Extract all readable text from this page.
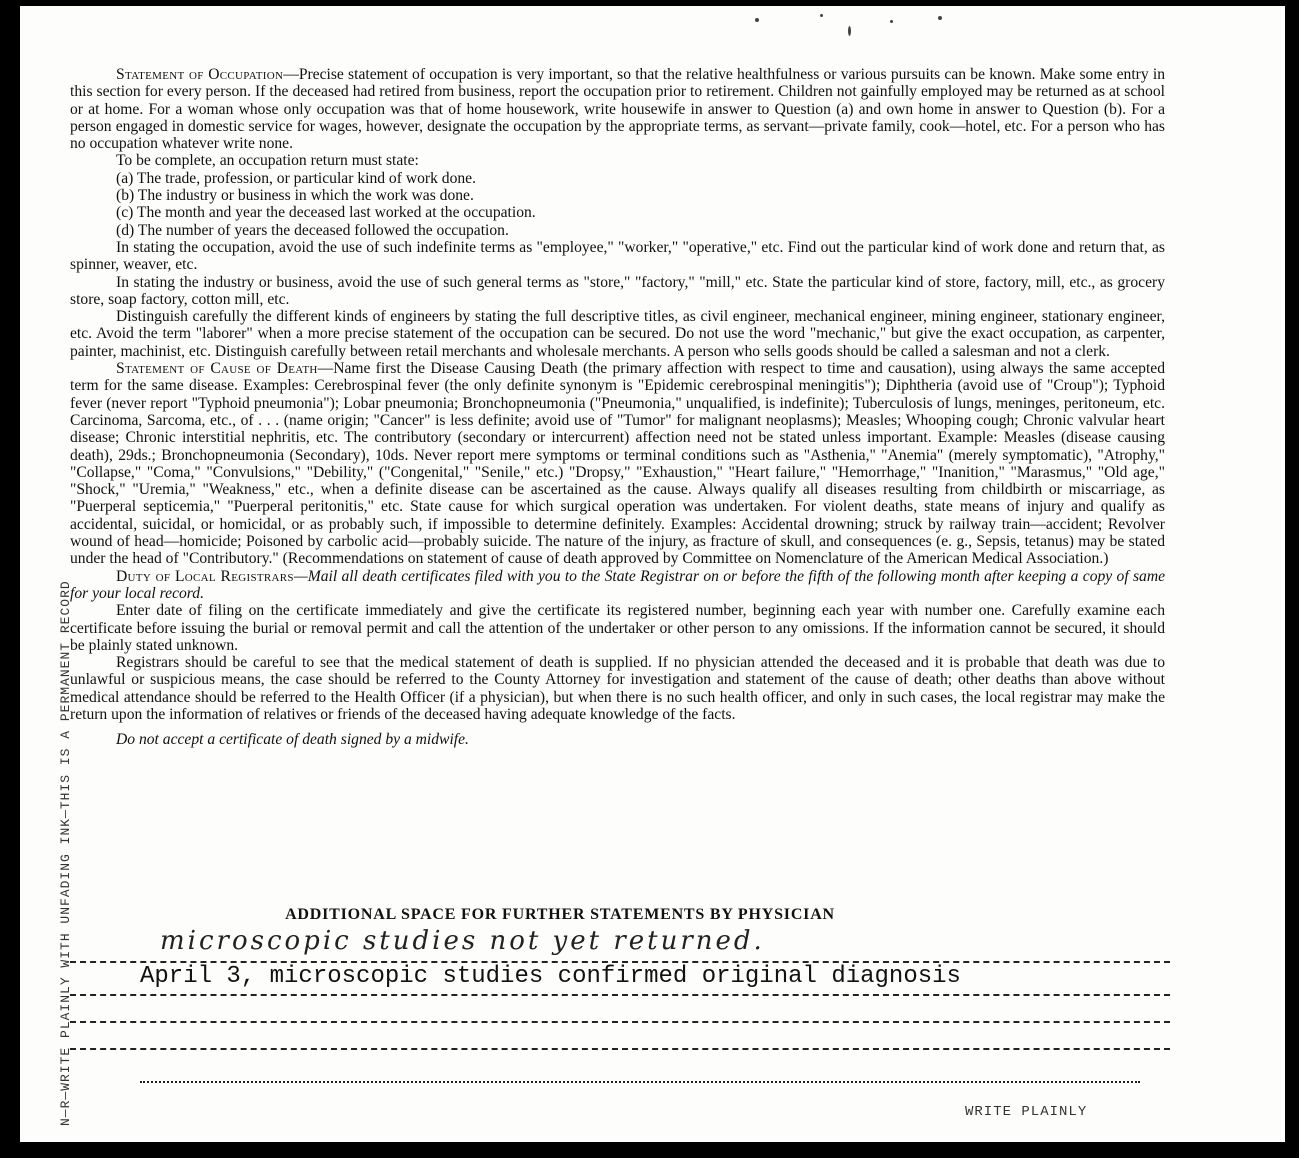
N—R—WRITE PLAINLY WITH UNFADING INK—THIS IS A PERMANENT RECORD

Statement of Occupation—Precise statement of occupation is very important, so that the relative healthfulness or various pursuits can be known. Make some entry in this section for every person. If the deceased had retired from business, report the occupation prior to retirement. Children not gainfully employed may be returned as at school or at home. For a woman whose only occupation was that of home housework, write housewife in answer to Question (a) and own home in answer to Question (b). For a person engaged in domestic service for wages, however, designate the occupation by the appropriate terms, as servant—private family, cook—hotel, etc. For a person who has no occupation whatever write none.

To be complete, an occupation return must state:

(a) The trade, profession, or particular kind of work done.
(b) The industry or business in which the work was done.
(c) The month and year the deceased last worked at the occupation.
(d) The number of years the deceased followed the occupation.

In stating the occupation, avoid the use of such indefinite terms as "employee," "worker," "operative," etc. Find out the particular kind of work done and return that, as spinner, weaver, etc.

In stating the industry or business, avoid the use of such general terms as "store," "factory," "mill," etc. State the particular kind of store, factory, mill, etc., as grocery store, soap factory, cotton mill, etc.

Distinguish carefully the different kinds of engineers by stating the full descriptive titles, as civil engineer, mechanical engineer, mining engineer, stationary engineer, etc. Avoid the term "laborer" when a more precise statement of the occupation can be secured. Do not use the word "mechanic," but give the exact occupation, as carpenter, painter, machinist, etc. Distinguish carefully between retail merchants and wholesale merchants. A person who sells goods should be called a salesman and not a clerk.

Statement of Cause of Death—Name first the Disease Causing Death (the primary affection with respect to time and causation), using always the same accepted term for the same disease. Examples: Cerebrospinal fever (the only definite synonym is "Epidemic cerebrospinal meningitis"); Diphtheria (avoid use of "Croup"); Typhoid fever (never report "Typhoid pneumonia"); Lobar pneumonia; Bronchopneumonia ("Pneumonia," unqualified, is indefinite); Tuberculosis of lungs, meninges, peritoneum, etc. Carcinoma, Sarcoma, etc., of . . . (name origin; "Cancer" is less definite; avoid use of "Tumor" for malignant neoplasms); Measles; Whooping cough; Chronic valvular heart disease; Chronic interstitial nephritis, etc. The contributory (secondary or intercurrent) affection need not be stated unless important. Example: Measles (disease causing death), 29ds.; Bronchopneumonia (Secondary), 10ds. Never report mere symptoms or terminal conditions such as "Asthenia," "Anemia" (merely symptomatic), "Atrophy," "Collapse," "Coma," "Convulsions," "Debility," ("Congenital," "Senile," etc.) "Dropsy," "Exhaustion," "Heart failure," "Hemorrhage," "Inanition," "Marasmus," "Old age," "Shock," "Uremia," "Weakness," etc., when a definite disease can be ascertained as the cause. Always qualify all diseases resulting from childbirth or miscarriage, as "Puerperal septicemia," "Puerperal peritonitis," etc. State cause for which surgical operation was undertaken. For violent deaths, state means of injury and qualify as accidental, suicidal, or homicidal, or as probably such, if impossible to determine definitely. Examples: Accidental drowning; struck by railway train—accident; Revolver wound of head—homicide; Poisoned by carbolic acid—probably suicide. The nature of the injury, as fracture of skull, and consequences (e. g., Sepsis, tetanus) may be stated under the head of "Contributory." (Recommendations on statement of cause of death approved by Committee on Nomenclature of the American Medical Association.)

Duty of Local Registrars—Mail all death certificates filed with you to the State Registrar on or before the fifth of the following month after keeping a copy of same for your local record.

Enter date of filing on the certificate immediately and give the certificate its registered number, beginning each year with number one. Carefully examine each certificate before issuing the burial or removal permit and call the attention of the undertaker or other person to any omissions. If the information cannot be secured, it should be plainly stated unknown.

Registrars should be careful to see that the medical statement of death is supplied. If no physician attended the deceased and it is probable that death was due to unlawful or suspicious means, the case should be referred to the County Attorney for investigation and statement of the cause of death; other deaths than above without medical attendance should be referred to the Health Officer (if a physician), but when there is no such health officer, and only in such cases, the local registrar may make the return upon the information of relatives or friends of the deceased having adequate knowledge of the facts.

Do not accept a certificate of death signed by a midwife.

ADDITIONAL SPACE FOR FURTHER STATEMENTS BY PHYSICIAN
microscopic studies not yet returned.
April 3, microscopic studies confirmed original diagnosis
WRITE PLAINLY
